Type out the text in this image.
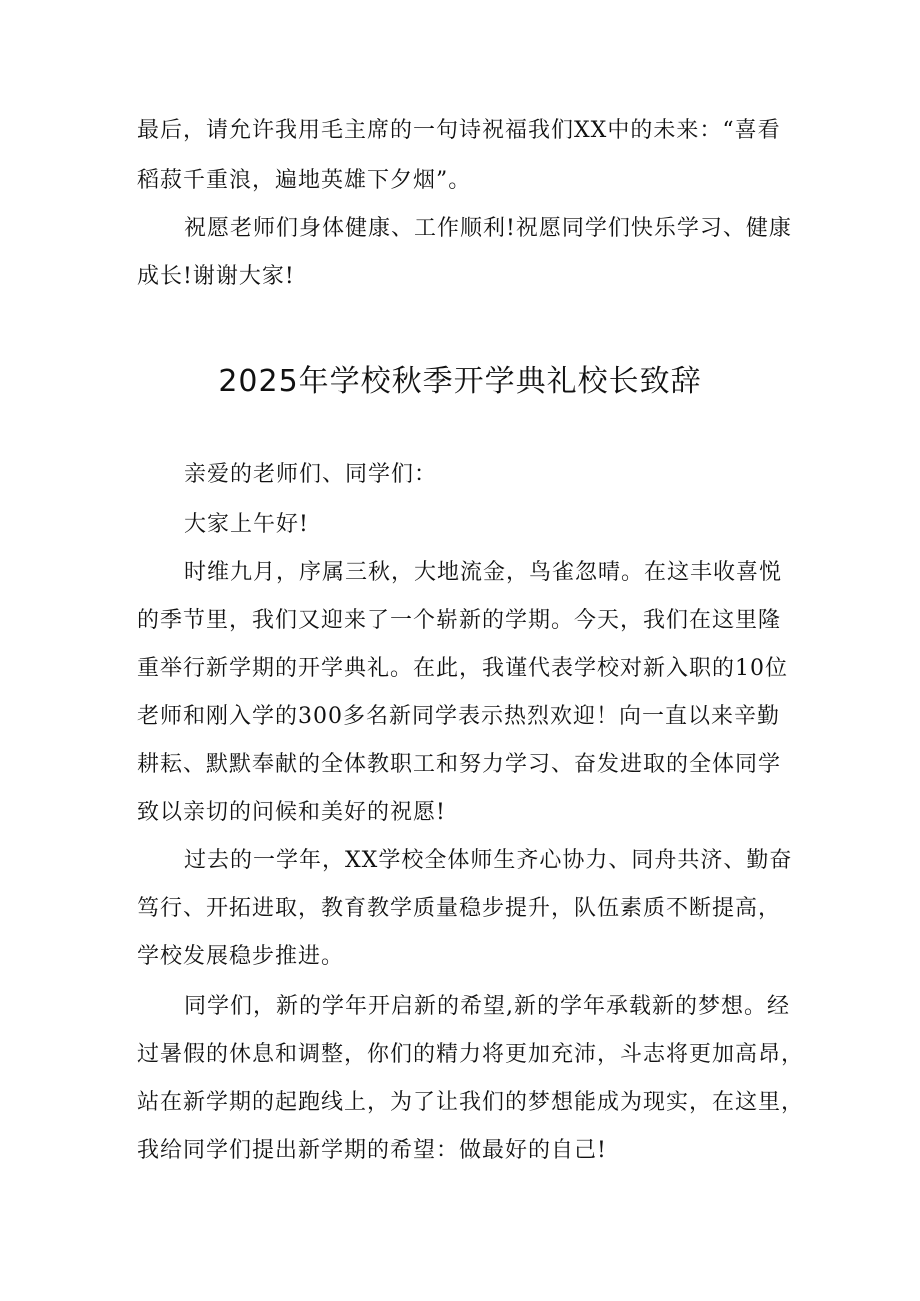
最后，请允许我用毛主席的一句诗祝福我们XX中的未来：“喜看
稻菽千重浪，遍地英雄下夕烟”。
祝愿老师们身体健康、工作顺利!祝愿同学们快乐学习、健康
成长!谢谢大家!
2025年学校秋季开学典礼校长致辞
亲爱的老师们、同学们：
大家上午好!
时维九月，序属三秋，大地流金，鸟雀忽晴。在这丰收喜悦
的季节里，我们又迎来了一个崭新的学期。今天，我们在这里隆
重举行新学期的开学典礼。在此，我谨代表学校对新入职的10位
老师和刚入学的300多名新同学表示热烈欢迎！向一直以来辛勤
耕耘、默默奉献的全体教职工和努力学习、奋发进取的全体同学
致以亲切的问候和美好的祝愿!
过去的一学年，XX学校全体师生齐心协力、同舟共济、勤奋
笃行、开拓进取，教育教学质量稳步提升，队伍素质不断提高，
学校发展稳步推进。
同学们，新的学年开启新的希望,新的学年承载新的梦想。经
过暑假的休息和调整，你们的精力将更加充沛，斗志将更加高昂，
站在新学期的起跑线上，为了让我们的梦想能成为现实，在这里，
我给同学们提出新学期的希望：做最好的自己!
